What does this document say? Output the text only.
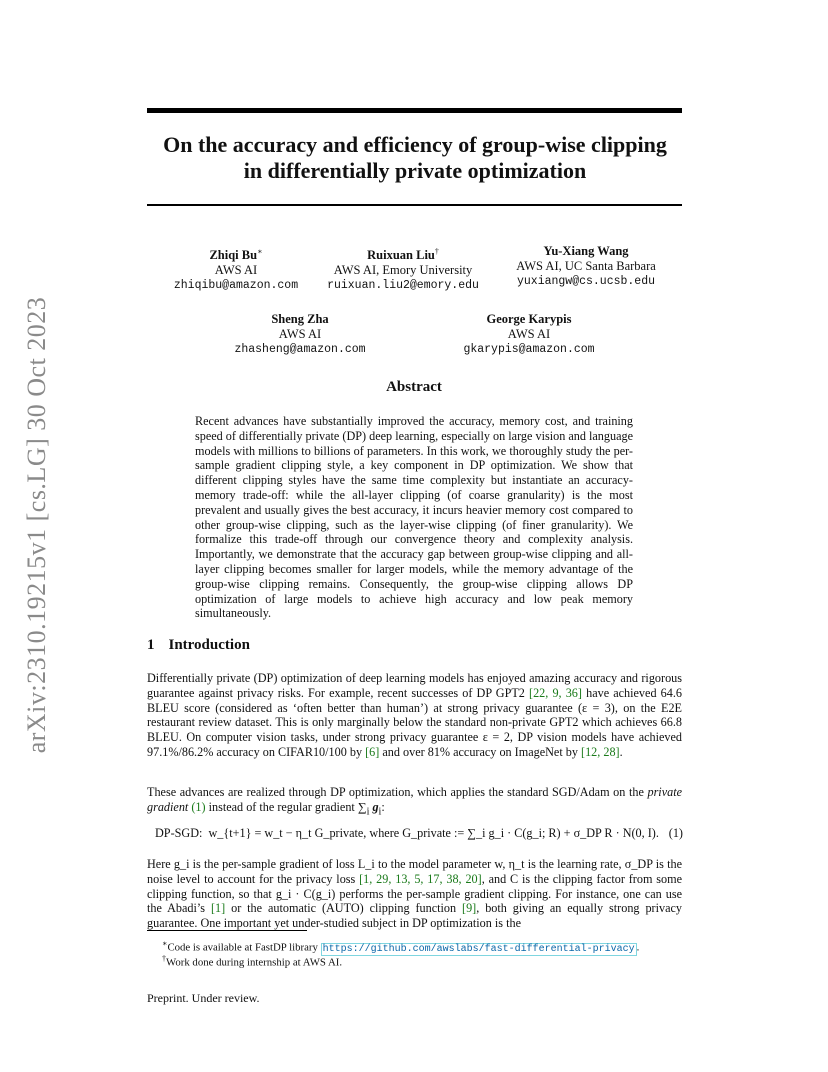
arXiv:2310.19215v1 [cs.LG] 30 Oct 2023
On the accuracy and efficiency of group-wise clipping
in differentially private optimization
Zhiqi Bu∗
AWS AI
zhiqibu@amazon.com
Ruixuan Liu†
AWS AI, Emory University
ruixuan.liu2@emory.edu
Yu-Xiang Wang
AWS AI, UC Santa Barbara
yuxiangw@cs.ucsb.edu
Sheng Zha
AWS AI
zhasheng@amazon.com
George Karypis
AWS AI
gkarypis@amazon.com
Abstract
Recent advances have substantially improved the accuracy, memory cost, and training speed of differentially private (DP) deep learning, especially on large vision and language models with millions to billions of parameters. In this work, we thoroughly study the per-sample gradient clipping style, a key component in DP optimization. We show that different clipping styles have the same time complexity but instantiate an accuracy-memory trade-off: while the all-layer clipping (of coarse granularity) is the most prevalent and usually gives the best accuracy, it incurs heavier memory cost compared to other group-wise clipping, such as the layer-wise clipping (of finer granularity). We formalize this trade-off through our convergence theory and complexity analysis. Importantly, we demonstrate that the accuracy gap between group-wise clipping and all-layer clipping becomes smaller for larger models, while the memory advantage of the group-wise clipping remains. Consequently, the group-wise clipping allows DP optimization of large models to achieve high accuracy and low peak memory simultaneously.
1 Introduction
Differentially private (DP) optimization of deep learning models has enjoyed amazing accuracy and rigorous guarantee against privacy risks. For example, recent successes of DP GPT2 [22, 9, 36] have achieved 64.6 BLEU score (considered as ‘often better than human’) at strong privacy guarantee (ε = 3), on the E2E restaurant review dataset. This is only marginally below the standard non-private GPT2 which achieves 66.8 BLEU. On computer vision tasks, under strong privacy guarantee ε = 2, DP vision models have achieved 97.1%/86.2% accuracy on CIFAR10/100 by [6] and over 81% accuracy on ImageNet by [12, 28].
These advances are realized through DP optimization, which applies the standard SGD/Adam on the private gradient (1) instead of the regular gradient $\sum_i$ $g_i$:
DP-SGD: w_{t+1} = w_t − η_t G_private, where G_private := ∑_i g_i · C(g_i; R) + σ_DP R · N(0, I). (1)
Here g_i is the per-sample gradient of loss L_i to the model parameter w, η_t is the learning rate, σ_DP is the noise level to account for the privacy loss [1, 29, 13, 5, 17, 38, 20], and C is the clipping factor from some clipping function, so that g_i · C(g_i) performs the per-sample gradient clipping. For instance, one can use the Abadi’s [1] or the automatic (AUTO) clipping function [9], both giving an equally strong privacy guarantee. One important yet under-studied subject in DP optimization is the
∗Code is available at FastDP library https://github.com/awslabs/fast-differential-privacy .
†Work done during internship at AWS AI.
Preprint. Under review.
